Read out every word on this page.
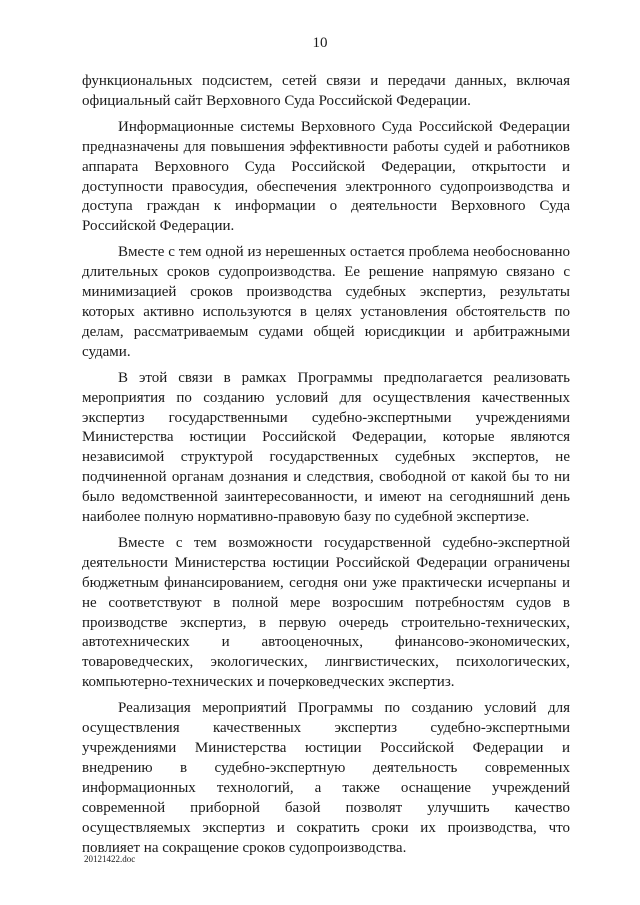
10

функциональных подсистем, сетей связи и передачи данных, включая официальный сайт Верховного Суда Российской Федерации.

Информационные системы Верховного Суда Российской Федерации предназначены для повышения эффективности работы судей и работников аппарата Верховного Суда Российской Федерации, открытости и доступности правосудия, обеспечения электронного судопроизводства и доступа граждан к информации о деятельности Верховного Суда Российской Федерации.

Вместе с тем одной из нерешенных остается проблема необоснованно длительных сроков судопроизводства. Ее решение напрямую связано с минимизацией сроков производства судебных экспертиз, результаты которых активно используются в целях установления обстоятельств по делам, рассматриваемым судами общей юрисдикции и арбитражными судами.

В этой связи в рамках Программы предполагается реализовать мероприятия по созданию условий для осуществления качественных экспертиз государственными судебно-экспертными учреждениями Министерства юстиции Российской Федерации, которые являются независимой структурой государственных судебных экспертов, не подчиненной органам дознания и следствия, свободной от какой бы то ни было ведомственной заинтересованности, и имеют на сегодняшний день наиболее полную нормативно-правовую базу по судебной экспертизе.

Вместе с тем возможности государственной судебно-экспертной деятельности Министерства юстиции Российской Федерации ограничены бюджетным финансированием, сегодня они уже практически исчерпаны и не соответствуют в полной мере возросшим потребностям судов в производстве экспертиз, в первую очередь строительно-технических, автотехнических и автооценочных, финансово-экономических, товароведческих, экологических, лингвистических, психологических, компьютерно-технических и почерковедческих экспертиз.

Реализация мероприятий Программы по созданию условий для осуществления качественных экспертиз судебно-экспертными учреждениями Министерства юстиции Российской Федерации и внедрению в судебно-экспертную деятельность современных информационных технологий, а также оснащение учреждений современной приборной базой позволят улучшить качество осуществляемых экспертиз и сократить сроки их производства, что повлияет на сокращение сроков судопроизводства.

20121422.doc
